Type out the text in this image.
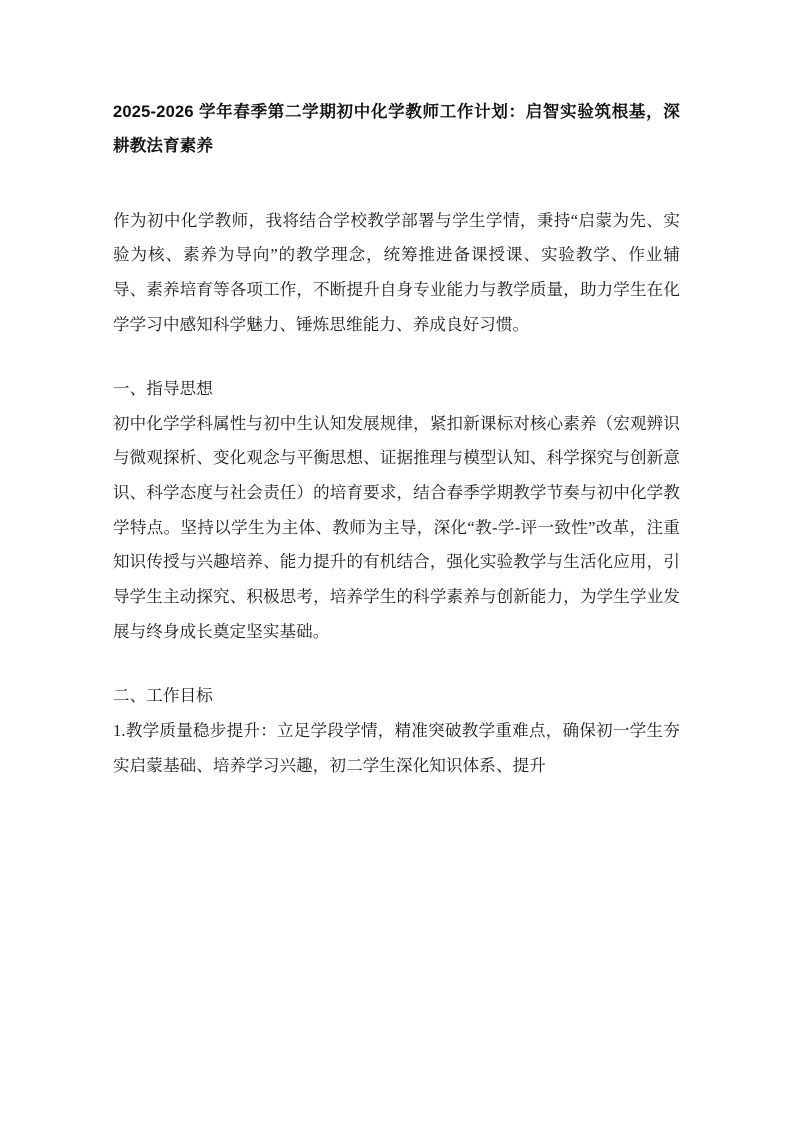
2025-2026 学年春季第二学期初中化学教师工作计划：启智实验筑根基，深耕教法育素养

作为初中化学教师，我将结合学校教学部署与学生学情，秉持“启蒙为先、实验为核、素养为导向”的教学理念，统筹推进备课授课、实验教学、作业辅导、素养培育等各项工作，不断提升自身专业能力与教学质量，助力学生在化学学习中感知科学魅力、锤炼思维能力、养成良好习惯。

一、指导思想

初中化学学科属性与初中生认知发展规律，紧扣新课标对核心素养（宏观辨识与微观探析、变化观念与平衡思想、证据推理与模型认知、科学探究与创新意识、科学态度与社会责任）的培育要求，结合春季学期教学节奏与初中化学教学特点。坚持以学生为主体、教师为主导，深化“教-学-评一致性”改革，注重知识传授与兴趣培养、能力提升的有机结合，强化实验教学与生活化应用，引导学生主动探究、积极思考，培养学生的科学素养与创新能力，为学生学业发展与终身成长奠定坚实基础。

二、工作目标

1.教学质量稳步提升：立足学段学情，精准突破教学重难点，确保初一学生夯实启蒙基础、培养学习兴趣，初二学生深化知识体系、提升
